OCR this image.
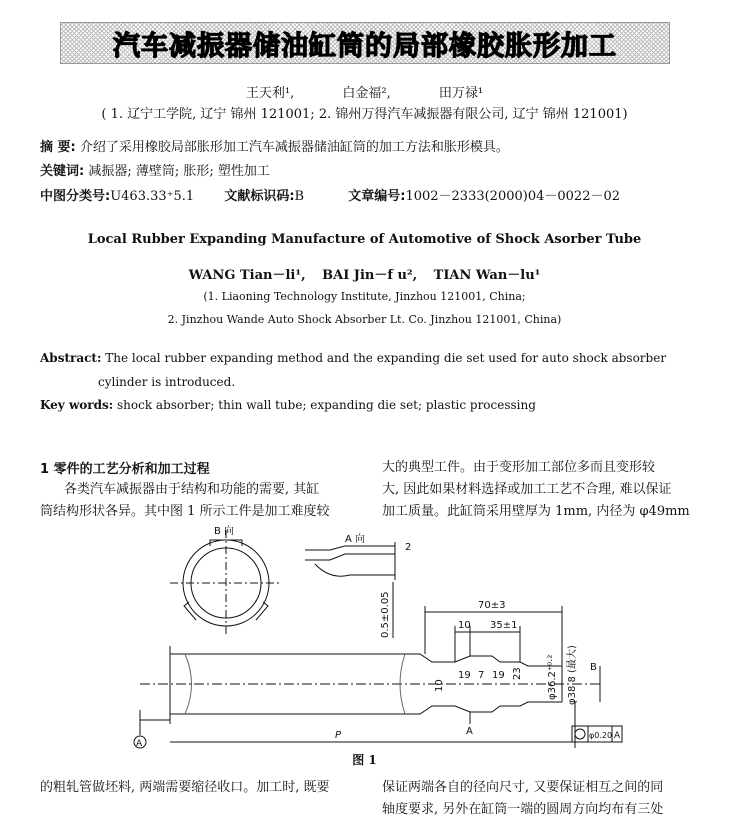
汽车减振器储油缸筒的局部橡胶胀形加工
王天利¹,	白金福²,	田万禄¹
( 1. 辽宁工学院, 辽宁 锦州 121001; 2. 锦州万得汽车减振器有限公司, 辽宁 锦州 121001)
摘 要: 介绍了采用橡胶局部胀形加工汽车减振器储油缸筒的加工方法和胀形模具。
关键词: 减振器; 薄壁筒; 胀形; 塑性加工
中图分类号:U463.33⁺5.1 文献标识码:B	文章编号:1002－2333(2000)04－0022－02
Local Rubber Expanding Manufacture of Automotive of Shock Asorber Tube
WANG Tian－li¹, BAI Jin－f u², TIAN Wan－lu¹
(1. Liaoning Technology Institute, Jinzhou 121001, China;
2. Jinzhou Wande Auto Shock Absorber Lt. Co. Jinzhou 121001, China)
Abstract: The local rubber expanding method and the expanding die set used for auto shock absorber
cylinder is introduced.
Key words: shock absorber; thin wall tube; expanding die set; plastic processing
1 零件的工艺分析和加工过程
各类汽车减振器由于结构和功能的需要, 其缸
筒结构形状各异。其中图 1 所示工件是加工难度较
大的典型工件。由于变形加工部位多而且变形较
大, 因此如果材料选择或加工工艺不合理, 难以保证
加工质量。此缸筒采用壁厚为 1mm, 内径为 φ49mm
B 向
A 向
2
0.5±0.05	70±3
10 35±1
10
19 7 19 23 φ36.2⁺⁰·² φ38.8 (最大) B
A
P	φ0.20 A
A
图 1
的粗轧管做坯料, 两端需要缩径收口。加工时, 既要	保证两端各自的径向尺寸, 又要保证相互之间的同
轴度要求, 另外在缸筒一端的圆周方向均布有三处
